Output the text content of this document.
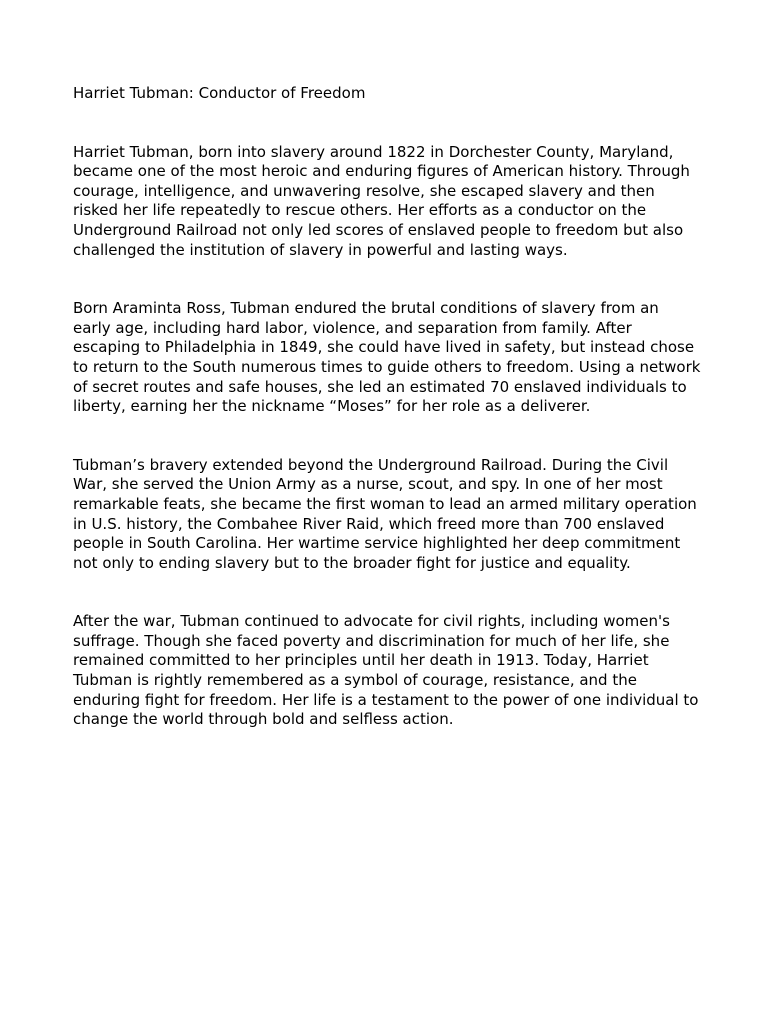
Harriet Tubman: Conductor of Freedom

Harriet Tubman, born into slavery around 1822 in Dorchester County, Maryland, became one of the most heroic and enduring figures of American history. Through courage, intelligence, and unwavering resolve, she escaped slavery and then risked her life repeatedly to rescue others. Her efforts as a conductor on the Underground Railroad not only led scores of enslaved people to freedom but also challenged the institution of slavery in powerful and lasting ways.

Born Araminta Ross, Tubman endured the brutal conditions of slavery from an early age, including hard labor, violence, and separation from family. After escaping to Philadelphia in 1849, she could have lived in safety, but instead chose to return to the South numerous times to guide others to freedom. Using a network of secret routes and safe houses, she led an estimated 70 enslaved individuals to liberty, earning her the nickname “Moses” for her role as a deliverer.

Tubman’s bravery extended beyond the Underground Railroad. During the Civil War, she served the Union Army as a nurse, scout, and spy. In one of her most remarkable feats, she became the first woman to lead an armed military operation in U.S. history, the Combahee River Raid, which freed more than 700 enslaved people in South Carolina. Her wartime service highlighted her deep commitment not only to ending slavery but to the broader fight for justice and equality.

After the war, Tubman continued to advocate for civil rights, including women's suffrage. Though she faced poverty and discrimination for much of her life, she remained committed to her principles until her death in 1913. Today, Harriet Tubman is rightly remembered as a symbol of courage, resistance, and the enduring fight for freedom. Her life is a testament to the power of one individual to change the world through bold and selfless action.
